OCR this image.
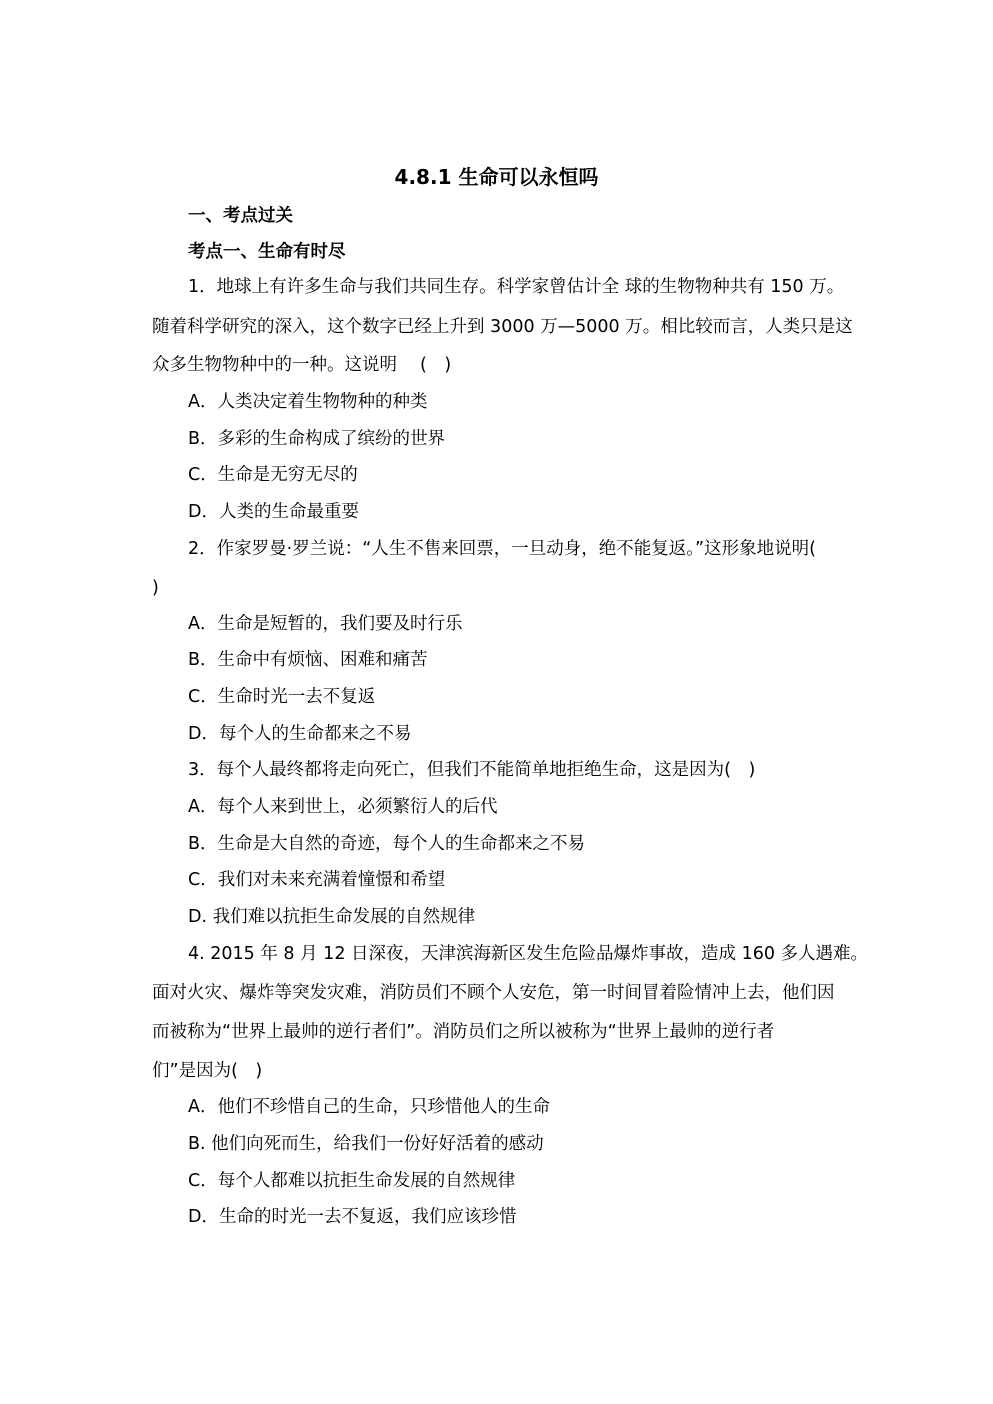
4.8.1 生命可以永恒吗
一、考点过关
考点一、生命有时尽
1．地球上有许多生命与我们共同生存。科学家曾估计全 球的生物物种共有 150 万。
随着科学研究的深入，这个数字已经上升到 3000 万—5000 万。相比较而言，人类只是这
众多生物物种中的一种。这说明　 (　)
A．人类决定着生物物种的种类
B．多彩的生命构成了缤纷的世界
C．生命是无穷无尽的
D．人类的生命最重要
2．作家罗曼·罗兰说：“人生不售来回票，一旦动身，绝不能复返。”这形象地说明(
)
A．生命是短暂的，我们要及时行乐
B．生命中有烦恼、困难和痛苦
C．生命时光一去不复返
D．每个人的生命都来之不易
3．每个人最终都将走向死亡，但我们不能简单地拒绝生命，这是因为(　)
A．每个人来到世上，必须繁衍人的后代
B．生命是大自然的奇迹，每个人的生命都来之不易
C．我们对未来充满着憧憬和希望
D. 我们难以抗拒生命发展的自然规律
4. 2015 年 8 月 12 日深夜，天津滨海新区发生危险品爆炸事故，造成 160 多人遇难。
面对火灾、爆炸等突发灾难，消防员们不顾个人安危，第一时间冒着险情冲上去，他们因
而被称为“世界上最帅的逆行者们”。消防员们之所以被称为“世界上最帅的逆行者
们”是因为(　)
A．他们不珍惜自己的生命，只珍惜他人的生命
B. 他们向死而生，给我们一份好好活着的感动
C．每个人都难以抗拒生命发展的自然规律
D．生命的时光一去不复返，我们应该珍惜
